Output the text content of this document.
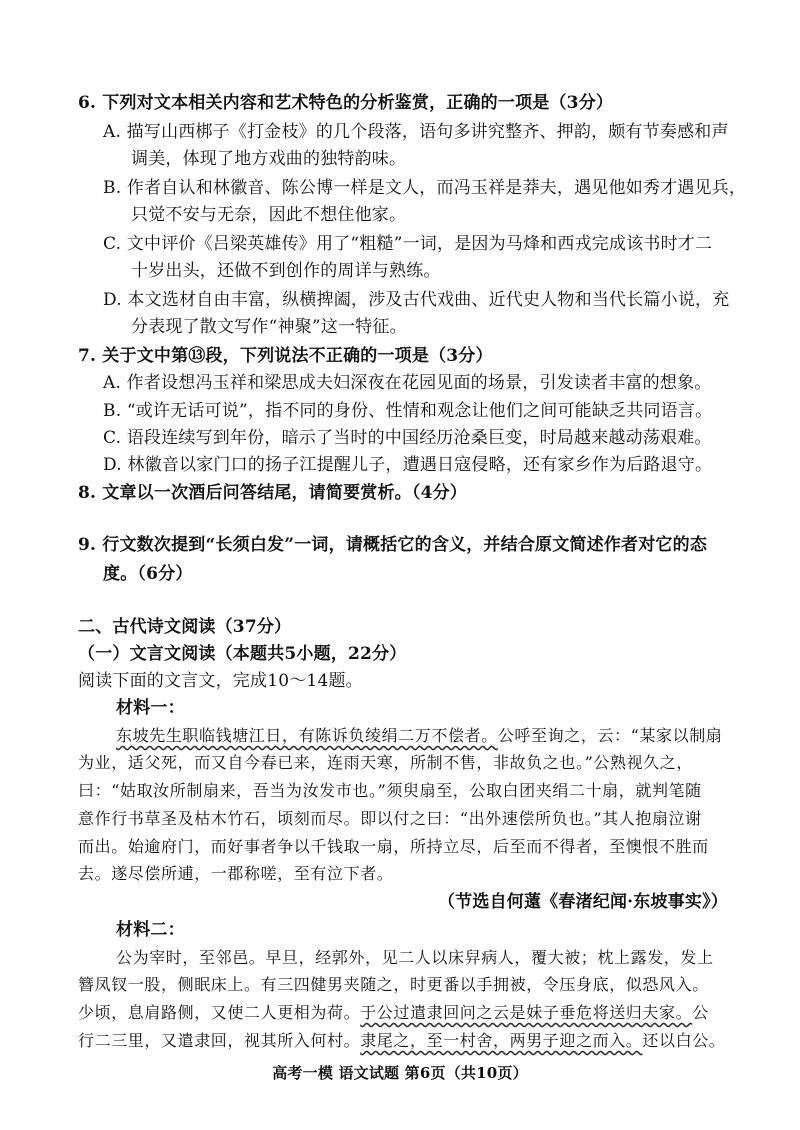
6. 下列对文本相关内容和艺术特色的分析鉴赏，正确的一项是（3分）
A. 描写山西梆子《打金枝》的几个段落，语句多讲究整齐、押韵，颇有节奏感和声
调美，体现了地方戏曲的独特韵味。
B. 作者自认和林徽音、陈公博一样是文人，而冯玉祥是莽夫，遇见他如秀才遇见兵，
只觉不安与无奈，因此不想住他家。
C. 文中评价《吕梁英雄传》用了“粗糙”一词，是因为马烽和西戎完成该书时才二
十岁出头，还做不到创作的周详与熟练。
D. 本文选材自由丰富，纵横捭阖，涉及古代戏曲、近代史人物和当代长篇小说，充
分表现了散文写作“神聚”这一特征。
7. 关于文中第⑬段，下列说法不正确的一项是（3分）
A. 作者设想冯玉祥和梁思成夫妇深夜在花园见面的场景，引发读者丰富的想象。
B. “或许无话可说”，指不同的身份、性情和观念让他们之间可能缺乏共同语言。
C. 语段连续写到年份，暗示了当时的中国经历沧桑巨变，时局越来越动荡艰难。
D. 林徽音以家门口的扬子江提醒儿子，遭遇日寇侵略，还有家乡作为后路退守。
8. 文章以一次酒后问答结尾，请简要赏析。（4分）
9. 行文数次提到“长须白发”一词，请概括它的含义，并结合原文简述作者对它的态
度。（6分）
二、古代诗文阅读（37分）
（一）文言文阅读（本题共5小题，22分）
阅读下面的文言文，完成10～14题。
材料一：
东坡先生职临钱塘江日，有陈诉负绫绢二万不偿者。公呼至询之，云：“某家以制扇
为业，适父死，而又自今春已来，连雨天寒，所制不售，非故负之也。”公熟视久之，
曰：“姑取汝所制扇来，吾当为汝发市也。”须臾扇至，公取白团夹绢二十扇，就判笔随
意作行书草圣及枯木竹石，顷刻而尽。即以付之曰：“出外速偿所负也。”其人抱扇泣谢
而出。始逾府门，而好事者争以千钱取一扇，所持立尽，后至而不得者，至懊恨不胜而
去。遂尽偿所逋，一郡称嗟，至有泣下者。
（节选自何薳《春渚纪闻·东坡事实》）
材料二：
公为宰时，至邻邑。早旦，经郭外，见二人以床舁病人，覆大被；枕上露发，发上
簪凤钗一股，侧眠床上。有三四健男夹随之，时更番以手拥被，令压身底，似恐风入。
少顷，息肩路侧，又使二人更相为荷。于公过遣隶回问之云是妹子垂危将送归夫家。公
行二三里，又遣隶回，视其所入何村。隶尾之，至一村舍，两男子迎之而入。还以白公。
高考一模 语文试题 第6页（共10页）
